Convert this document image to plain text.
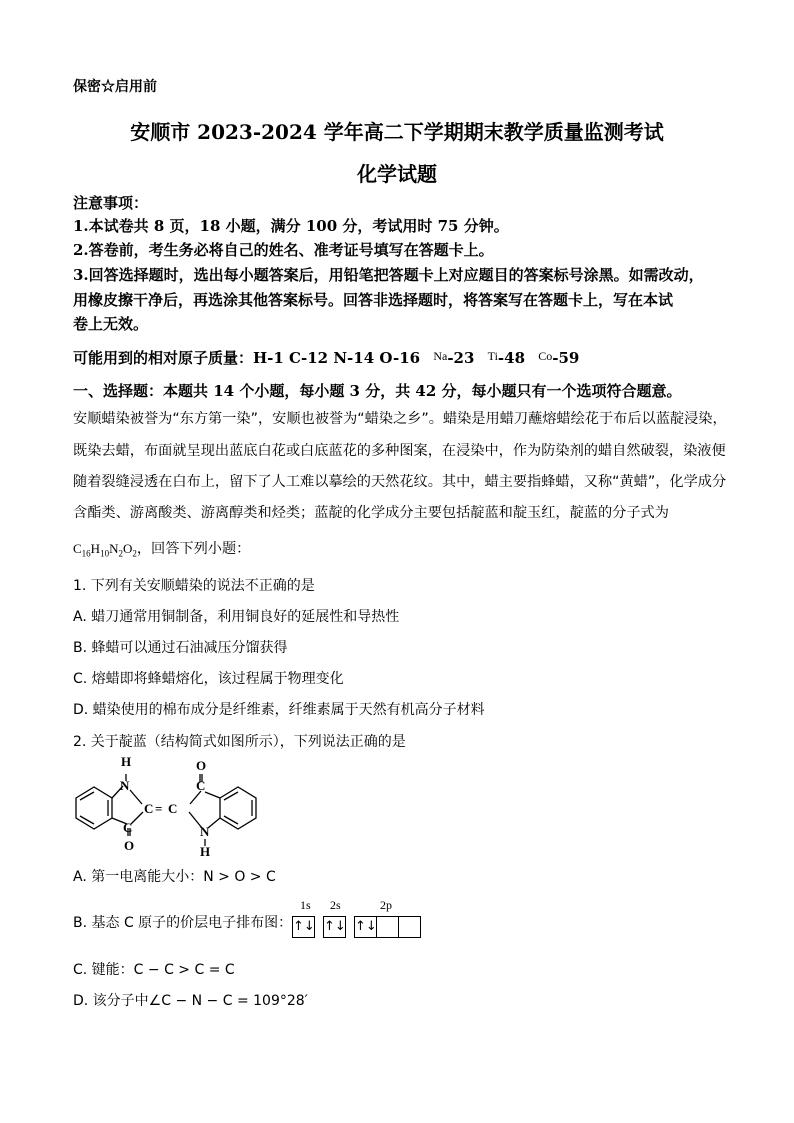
保密☆启用前
安顺市 2023-2024 学年高二下学期期末教学质量监测考试
化学试题
注意事项：
1.本试卷共 8 页，18 小题，满分 100 分，考试用时 75 分钟。
2.答卷前，考生务必将自己的姓名、准考证号填写在答题卡上。
3.回答选择题时，选出每小题答案后，用铅笔把答题卡上对应题目的答案标号涂黑。如需改动，
用橡皮擦干净后，再选涂其他答案标号。回答非选择题时，将答案写在答题卡上，写在本试
卷上无效。
可能用到的相对原子质量：H-1 C-12 N-14 O-16 $^{Na}$-23 $^{Ti}$-48 $^{Co}$-59
一、选择题：本题共 14 个小题，每小题 3 分，共 42 分，每小题只有一个选项符合题意。
安顺蜡染被誉为“东方第一染”，安顺也被誉为“蜡染之乡”。蜡染是用蜡刀蘸熔蜡绘花于布后以蓝靛浸染，
既染去蜡，布面就呈现出蓝底白花或白底蓝花的多种图案，在浸染中，作为防染剂的蜡自然破裂，染液便
随着裂缝浸透在白布上，留下了人工难以摹绘的天然花纹。其中，蜡主要指蜂蜡，又称“黄蜡”，化学成分
含酯类、游离酸类、游离醇类和烃类；蓝靛的化学成分主要包括靛蓝和靛玉红，靛蓝的分子式为
$C_{16}H_{10}N_2O_2$，回答下列小题：
1. 下列有关安顺蜡染的说法不正确的是
A. 蜡刀通常用铜制备，利用铜良好的延展性和导热性
B. 蜂蜡可以通过石油减压分馏获得
C. 熔蜡即将蜂蜡熔化，该过程属于物理变化
D. 蜡染使用的棉布成分是纤维素，纤维素属于天然有机高分子材料
2. 关于靛蓝（结构简式如图所示），下列说法正确的是
H
N
O
C
C = C
O
C
N
H
A. 第一电离能大小：N > O > C
B. 基态 C 原子的价层电子排布图：
1s 2s	2p
↑↓ ↑↓ ↑↓
C. 键能：C − C > C = C
D. 该分子中∠C − N − C = 109°28′
